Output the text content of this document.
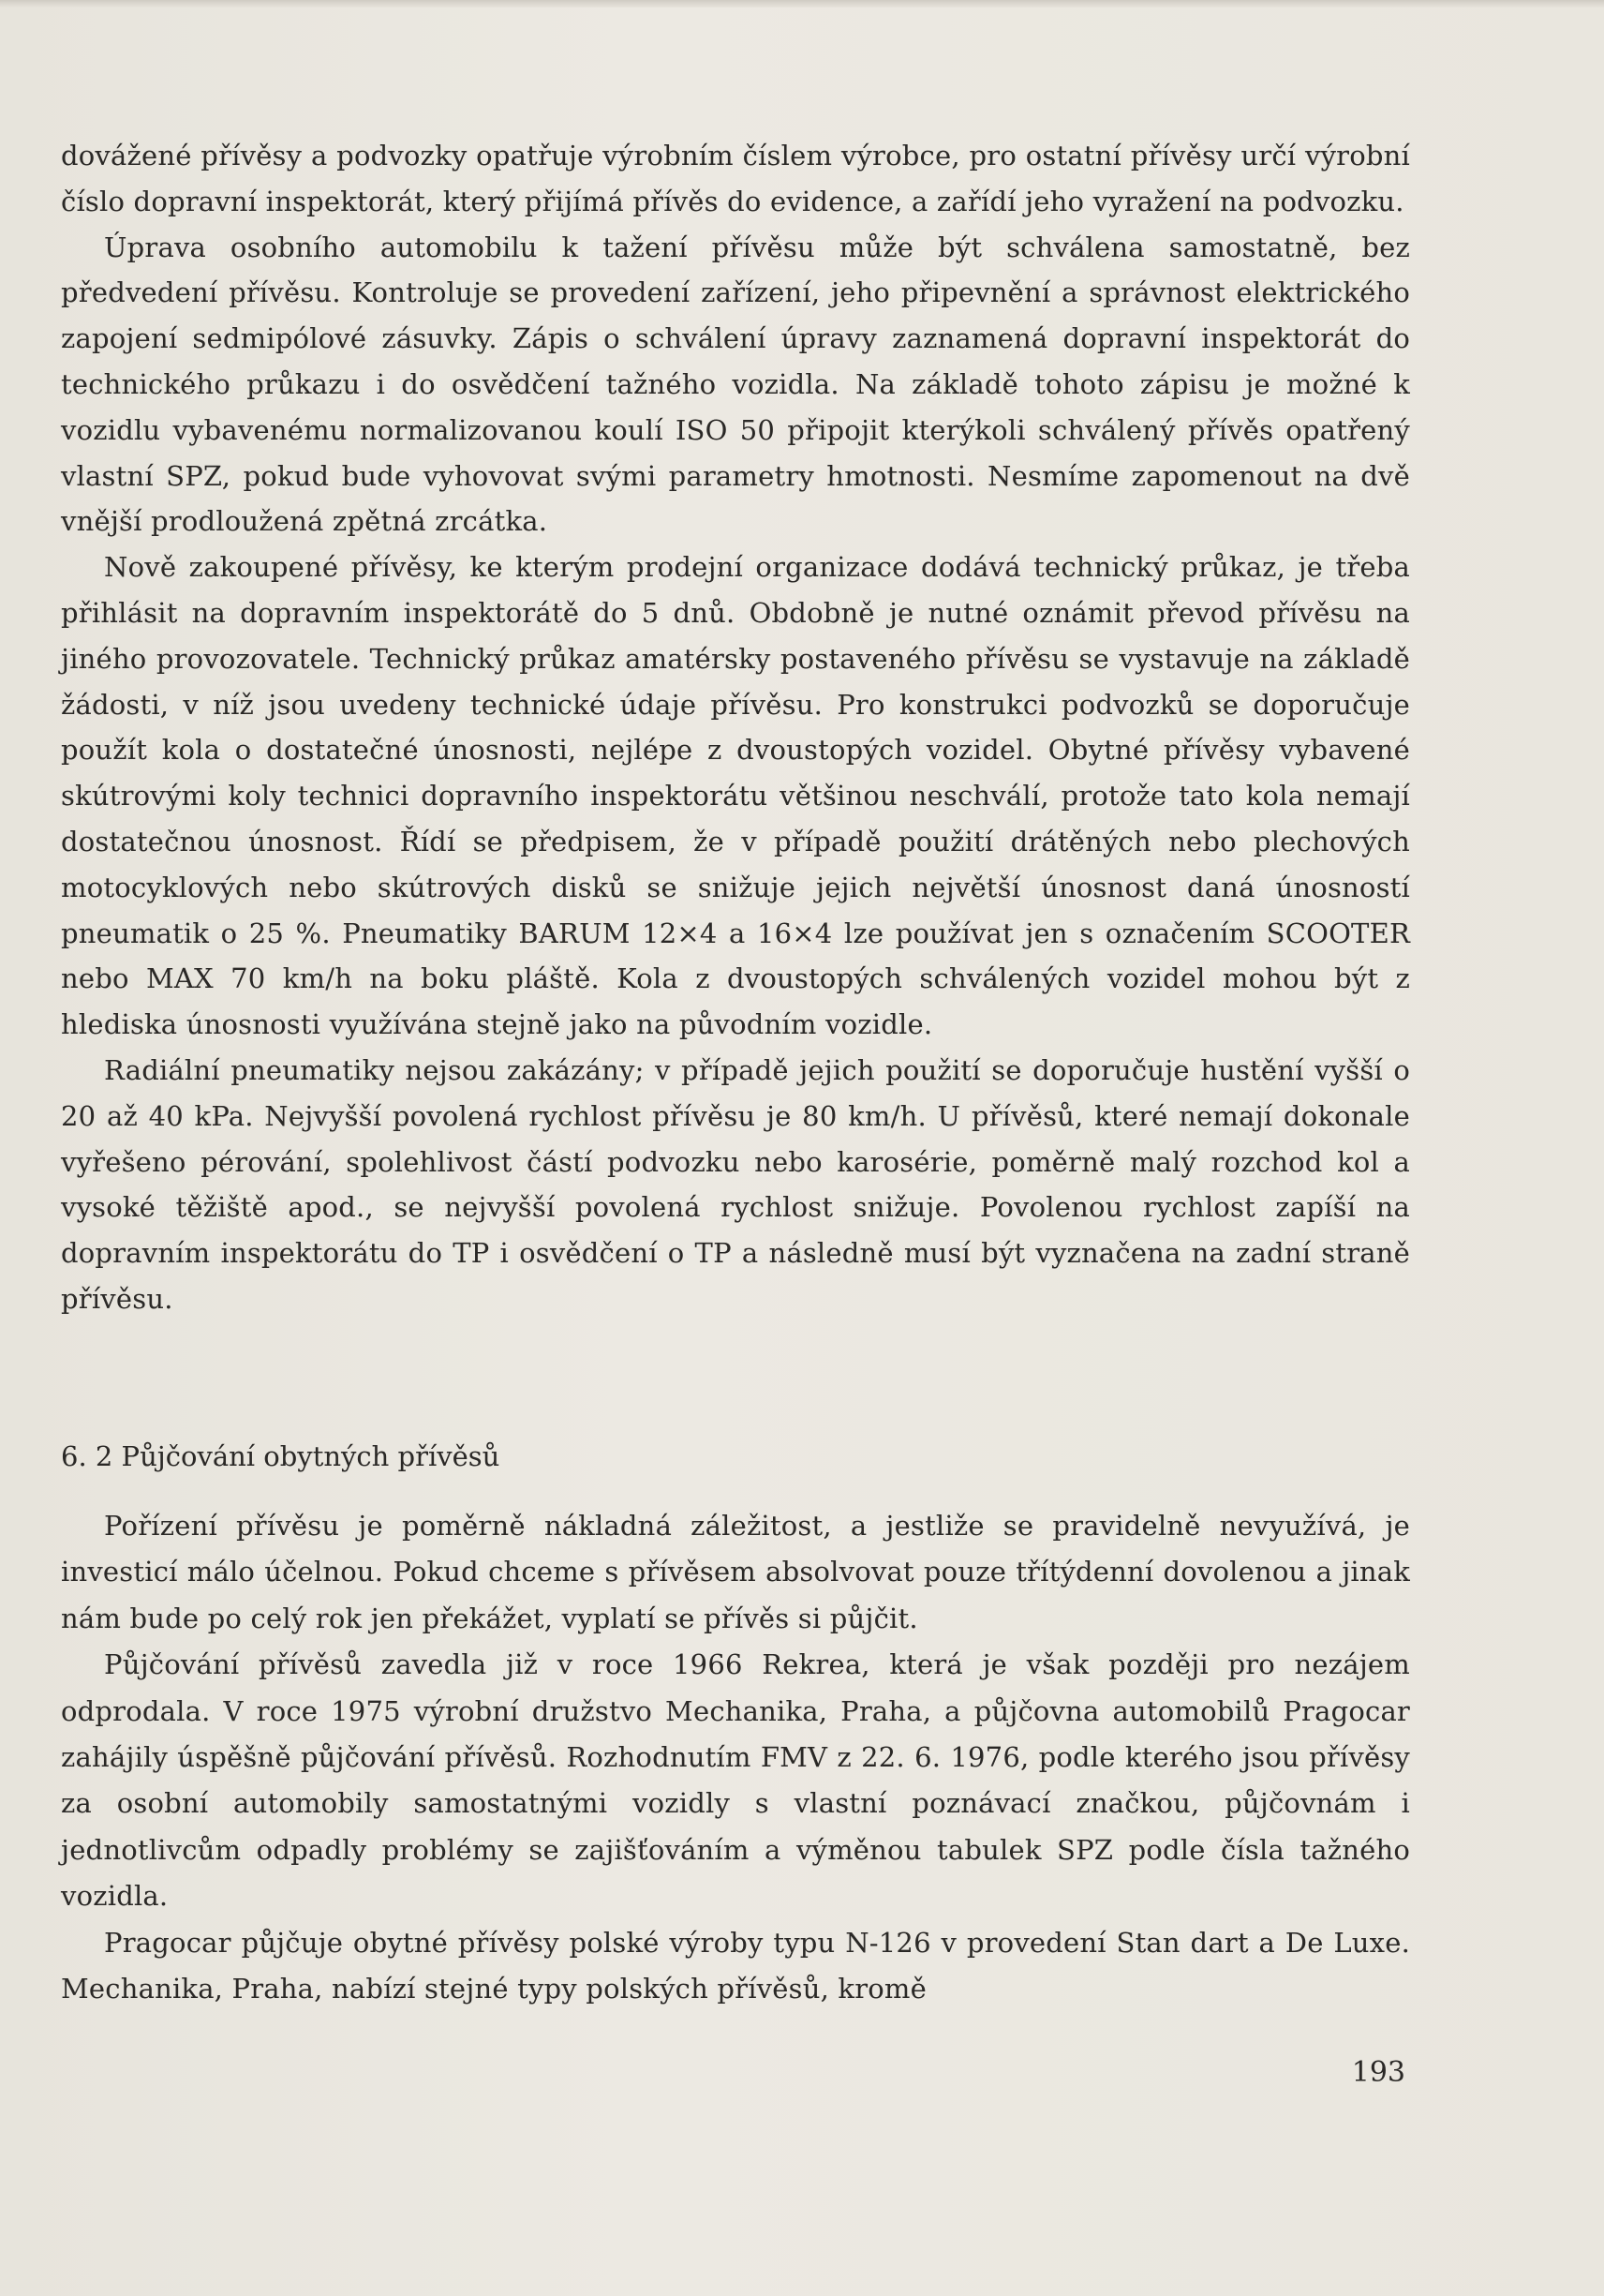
dovážené přívěsy a podvozky opatřuje výrobním číslem výrobce, pro ostatní přívěsy určí výrobní číslo dopravní inspektorát, který přijímá přívěs do evidence, a zařídí jeho vyražení na podvozku.

Úprava osobního automobilu k tažení přívěsu může být schválena samostatně, bez předvedení přívěsu. Kontroluje se provedení zařízení, jeho připevnění a správnost elektrického zapojení sedmipólové zásuvky. Zápis o schválení úpravy zaznamená dopravní inspektorát do technického průkazu i do osvědčení tažného vozidla. Na základě tohoto zápisu je možné k vozidlu vybavenému normalizovanou koulí ISO 50 připojit kterýkoli schválený přívěs opatřený vlastní SPZ, pokud bude vyhovovat svými parametry hmotnosti. Nesmíme zapomenout na dvě vnější prodloužená zpětná zrcátka.

Nově zakoupené přívěsy, ke kterým prodejní organizace dodává technický průkaz, je třeba přihlásit na dopravním inspektorátě do 5 dnů. Obdobně je nutné oznámit převod přívěsu na jiného provozovatele. Technický průkaz amatérsky postaveného přívěsu se vystavuje na základě žádosti, v níž jsou uvedeny technické údaje přívěsu. Pro konstrukci podvozků se doporučuje použít kola o dostatečné únosnosti, nejlépe z dvoustopých vozidel. Obytné přívěsy vybavené skútrovými koly technici dopravního inspektorátu většinou neschválí, protože tato kola nemají dostatečnou únosnost. Řídí se předpisem, že v případě použití drátěných nebo plechových motocyklových nebo skútrových disků se snižuje jejich největší únosnost daná únosností pneumatik o 25 %. Pneumatiky BARUM 12×4 a 16×4 lze používat jen s označením SCOOTER nebo MAX 70 km/h na boku pláště. Kola z dvoustopých schválených vozidel mohou být z hlediska únosnosti využívána stejně jako na původním vozidle.

Radiální pneumatiky nejsou zakázány; v případě jejich použití se doporučuje hustění vyšší o 20 až 40 kPa. Nejvyšší povolená rychlost přívěsu je 80 km/h. U přívěsů, které nemají dokonale vyřešeno pérování, spolehlivost částí podvozku nebo karosérie, poměrně malý rozchod kol a vysoké těžiště apod., se nejvyšší povolená rychlost snižuje. Povolenou rychlost zapíší na dopravním inspektorátu do TP i osvědčení o TP a následně musí být vyznačena na zadní straně přívěsu.

6. 2 Půjčování obytných přívěsů

Pořízení přívěsu je poměrně nákladná záležitost, a jestliže se pravidelně nevyužívá, je investicí málo účelnou. Pokud chceme s přívěsem absolvovat pouze třítýdenní dovolenou a jinak nám bude po celý rok jen překážet, vyplatí se přívěs si půjčit.

Půjčování přívěsů zavedla již v roce 1966 Rekrea, která je však později pro nezájem odprodala. V roce 1975 výrobní družstvo Mechanika, Praha, a půjčovna automobilů Pragocar zahájily úspěšně půjčování přívěsů. Rozhodnutím FMV z 22. 6. 1976, podle kterého jsou přívěsy za osobní automobily samostatnými vozidly s vlastní poznávací značkou, půjčovnám i jednotlivcům odpadly problémy se zajišťováním a výměnou tabulek SPZ podle čísla tažného vozidla.

Pragocar půjčuje obytné přívěsy polské výroby typu N-126 v provedení Stan dart a De Luxe. Mechanika, Praha, nabízí stejné typy polských přívěsů, kromě

193
